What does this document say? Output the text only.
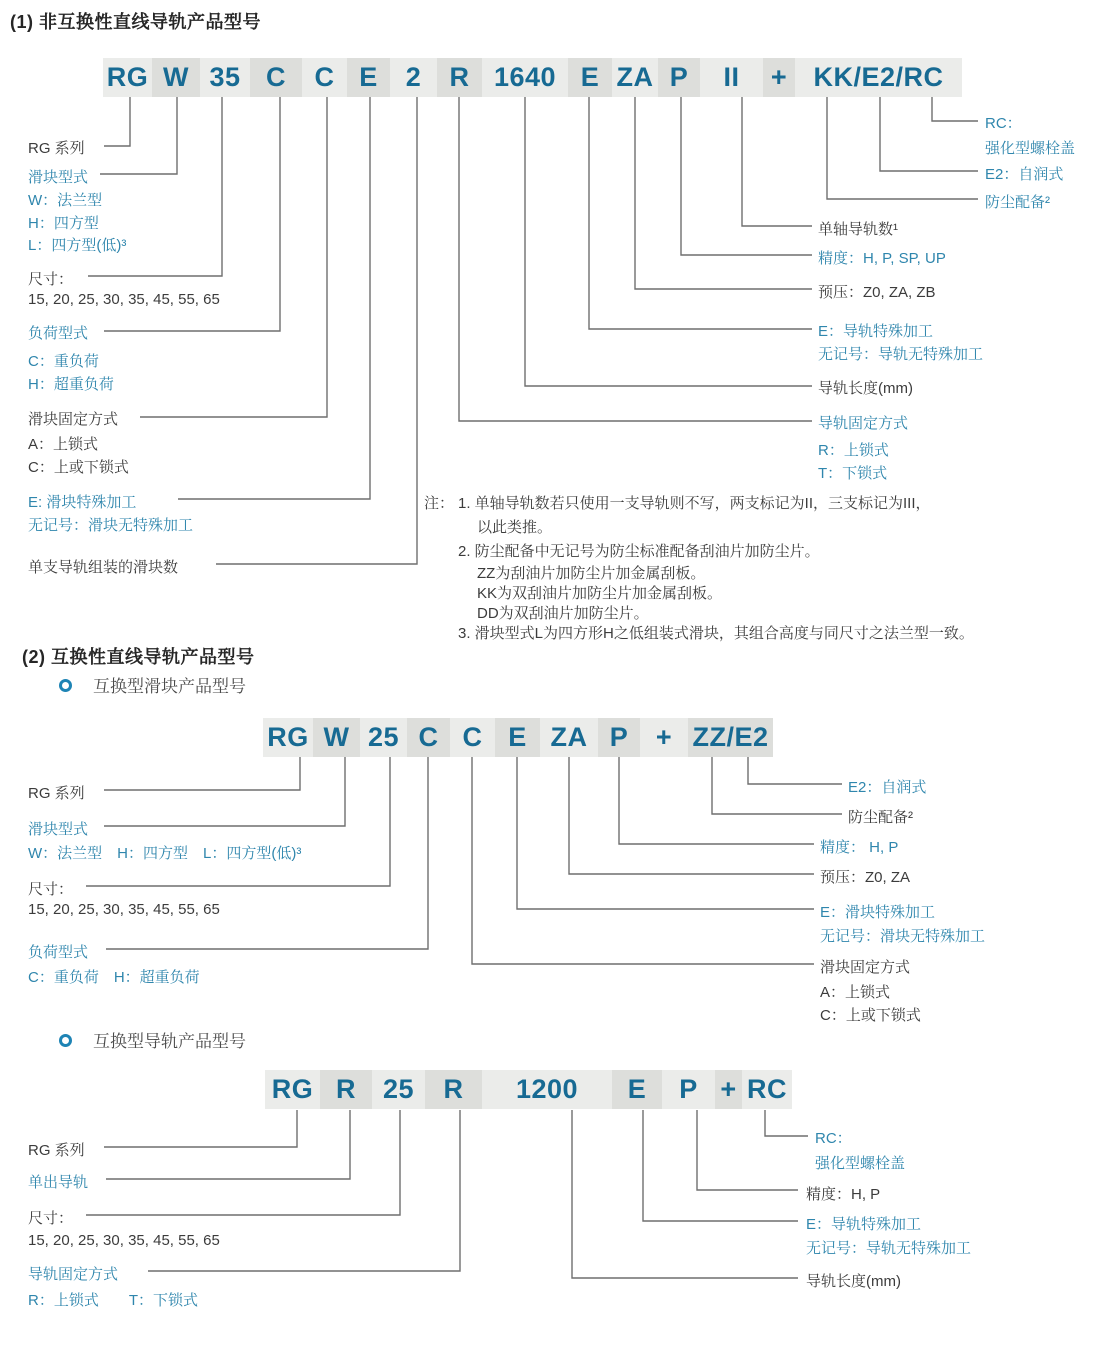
(1) 非互换性直线导轨产品型号
RG W 35 C	C E	2	R 1640 E ZA P	II	+ KK/E2/RC
RG 系列
滑块型式
W：法兰型
H：四方型
L：四方型(低)³
尺寸：
15, 20, 25, 30, 35, 45, 55, 65
负荷型式
C：重负荷
H：超重负荷
滑块固定方式
A：上锁式
C：上或下锁式
E: 滑块特殊加工
无记号：滑块无特殊加工
单支导轨组装的滑块数
RC：
强化型螺栓盖
E2：自润式
防尘配备²
单轴导轨数¹
精度：H, P, SP, UP
预压：Z0, ZA, ZB
E：导轨特殊加工
无记号：导轨无特殊加工
导轨长度(mm)
导轨固定方式
R：上锁式
T：下锁式
注： 1. 单轴导轨数若只使用一支导轨则不写，两支标记为II，三支标记为III，
以此类推。
2. 防尘配备中无记号为防尘标准配备刮油片加防尘片。
ZZ为刮油片加防尘片加金属刮板。
KK为双刮油片加防尘片加金属刮板。
DD为双刮油片加防尘片。
3. 滑块型式L为四方形H之低组装式滑块，其组合高度与同尺寸之法兰型一致。
(2) 互换性直线导轨产品型号
互换型滑块产品型号
RG W 25 C C E ZA P	+ ZZ/E2
RG 系列
滑块型式
W：法兰型　H：四方型　L：四方型(低)³
尺寸：
15, 20, 25, 30, 35, 45, 55, 65
负荷型式
C：重负荷　H：超重负荷
E2：自润式
防尘配备²
精度： H, P
预压：Z0, ZA
E：滑块特殊加工
无记号：滑块无特殊加工
滑块固定方式
A：上锁式
C：上或下锁式
互换型导轨产品型号
RG R 25	R	1200	E	P + RC
RG 系列
单出导轨
尺寸：
15, 20, 25, 30, 35, 45, 55, 65
导轨固定方式
R：上锁式　　T：下锁式
RC：
强化型螺栓盖
精度：H, P
E：导轨特殊加工
无记号：导轨无特殊加工
导轨长度(mm)
